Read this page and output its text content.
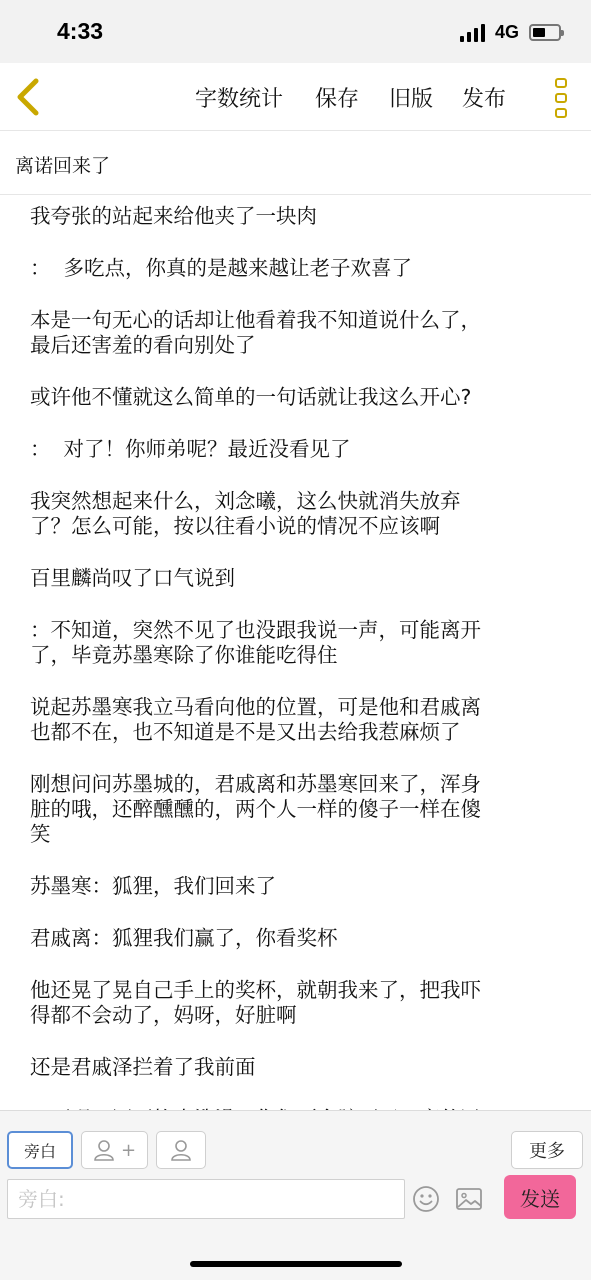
4:33	4G
字数统计 保存 旧版 发布
离诺回来了

我夸张的站起来给他夹了一块肉

：  多吃点，你真的是越来越让老子欢喜了

本是一句无心的话却让他看着我不知道说什么了，
最后还害羞的看向别处了

或许他不懂就这么简单的一句话就让我这么开心?

：  对了！你师弟呢？最近没看见了

我突然想起来什么，刘念曦，这么快就消失放弃
了？怎么可能，按以往看小说的情况不应该啊

百里麟尚叹了口气说到

：不知道，突然不见了也没跟我说一声，可能离开
了，毕竟苏墨寒除了你谁能吃得住

说起苏墨寒我立马看向他的位置，可是他和君戚离
也都不在，也不知道是不是又出去给我惹麻烦了

刚想问问苏墨城的，君戚离和苏墨寒回来了，浑身
脏的哦，还醉醺醺的，两个人一样的傻子一样在傻
笑

苏墨寒：狐狸，我们回来了

君戚离：狐狸我们赢了，你看奖杯

他还晃了晃自己手上的奖杯，就朝我来了，把我吓
得都不会动了，妈呀，好脏啊

还是君戚泽拦着了我前面

旁白	+	更多
旁白:
发送
